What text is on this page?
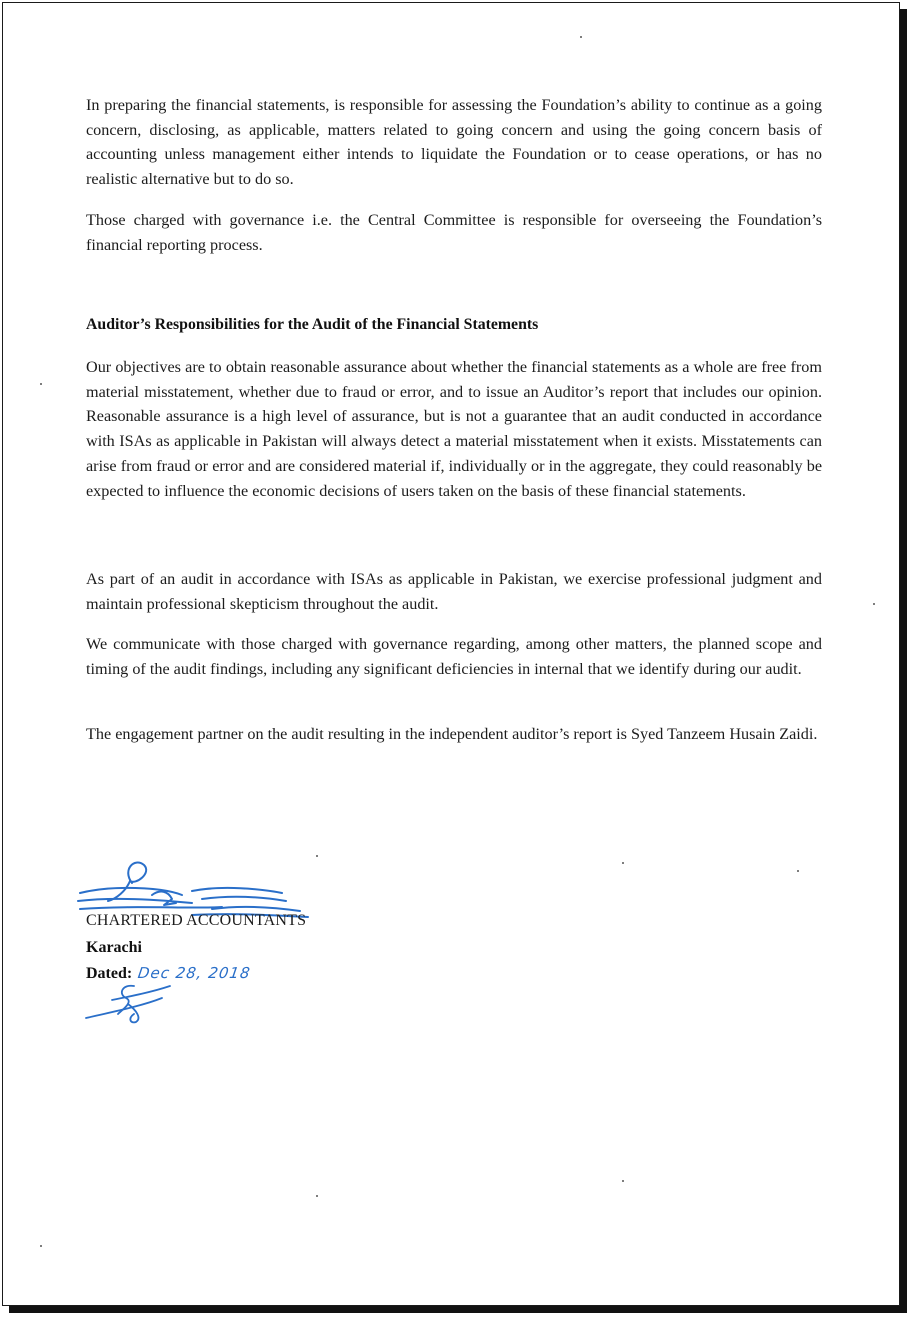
In preparing the financial statements, is responsible for assessing the Foundation’s ability to continue as a going concern, disclosing, as applicable, matters related to going concern and using the going concern basis of accounting unless management either intends to liquidate the Foundation or to cease operations, or has no realistic alternative but to do so.

Those charged with governance i.e. the Central Committee is responsible for overseeing the Foundation’s financial reporting process.

Auditor’s Responsibilities for the Audit of the Financial Statements

Our objectives are to obtain reasonable assurance about whether the financial statements as a whole are free from material misstatement, whether due to fraud or error, and to issue an Auditor’s report that includes our opinion. Reasonable assurance is a high level of assurance, but is not a guarantee that an audit conducted in accordance with ISAs as applicable in Pakistan will always detect a material misstatement when it exists. Misstatements can arise from fraud or error and are considered material if, individually or in the aggregate, they could reasonably be expected to influence the economic decisions of users taken on the basis of these financial statements.

As part of an audit in accordance with ISAs as applicable in Pakistan, we exercise professional judgment and maintain professional skepticism throughout the audit.

We communicate with those charged with governance regarding, among other matters, the planned scope and timing of the audit findings, including any significant deficiencies in internal that we identify during our audit.

The engagement partner on the audit resulting in the independent auditor’s report is Syed Tanzeem Husain Zaidi.

CHARTERED ACCOUNTANTS
Karachi
Dated: Dec 28, 2018
